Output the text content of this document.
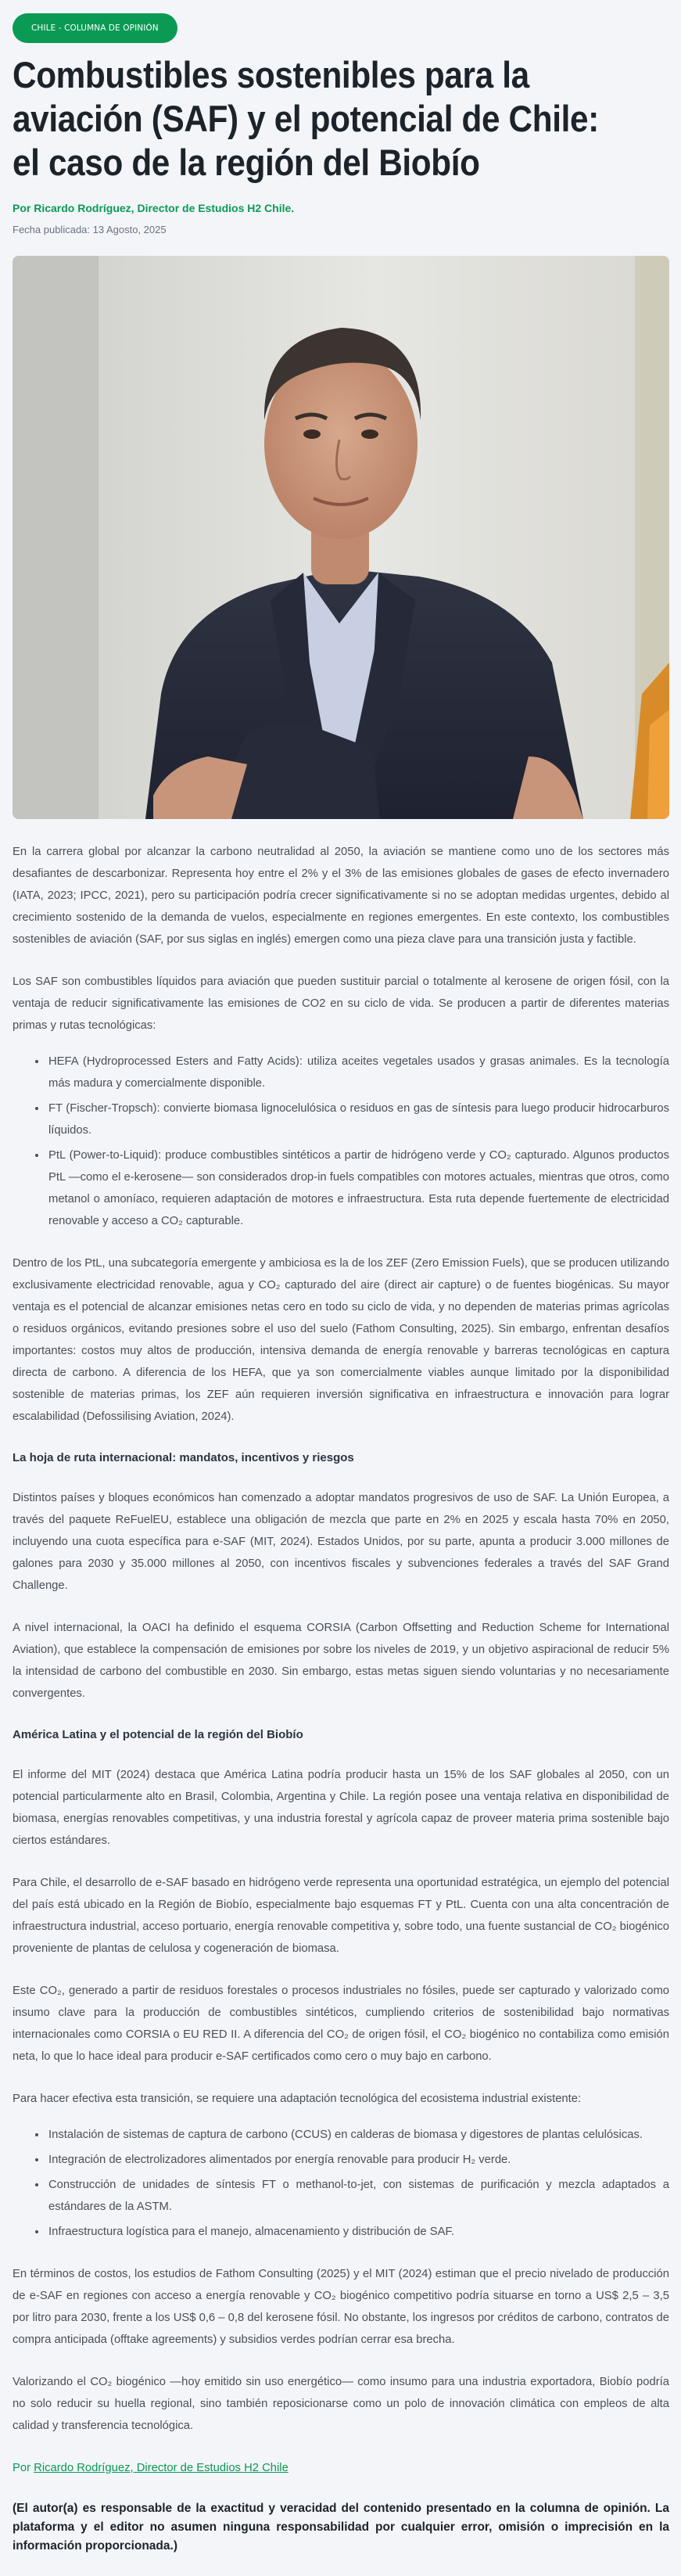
CHILE - COLUMNA DE OPINIÓN
Combustibles sostenibles para la aviación (SAF) y el potencial de Chile: el caso de la región del Biobío
Por Ricardo Rodríguez, Director de Estudios H2 Chile.
Fecha publicada: 13 Agosto, 2025

En la carrera global por alcanzar la carbono neutralidad al 2050, la aviación se mantiene como uno de los sectores más desafiantes de descarbonizar. Representa hoy entre el 2% y el 3% de las emisiones globales de gases de efecto invernadero (IATA, 2023; IPCC, 2021), pero su participación podría crecer significativamente si no se adoptan medidas urgentes, debido al crecimiento sostenido de la demanda de vuelos, especialmente en regiones emergentes. En este contexto, los combustibles sostenibles de aviación (SAF, por sus siglas en inglés) emergen como una pieza clave para una transición justa y factible.

Los SAF son combustibles líquidos para aviación que pueden sustituir parcial o totalmente al kerosene de origen fósil, con la ventaja de reducir significativamente las emisiones de CO2 en su ciclo de vida. Se producen a partir de diferentes materias primas y rutas tecnológicas:

• HEFA (Hydroprocessed Esters and Fatty Acids): utiliza aceites vegetales usados y grasas animales. Es la tecnología más madura y comercialmente disponible.
• FT (Fischer-Tropsch): convierte biomasa lignocelulósica o residuos en gas de síntesis para luego producir hidrocarburos líquidos.
• PtL (Power-to-Liquid): produce combustibles sintéticos a partir de hidrógeno verde y CO₂ capturado. Algunos productos PtL —como el e-kerosene— son considerados drop-in fuels compatibles con motores actuales, mientras que otros, como metanol o amoníaco, requieren adaptación de motores e infraestructura. Esta ruta depende fuertemente de electricidad renovable y acceso a CO₂ capturable.

Dentro de los PtL, una subcategoría emergente y ambiciosa es la de los ZEF (Zero Emission Fuels), que se producen utilizando exclusivamente electricidad renovable, agua y CO₂ capturado del aire (direct air capture) o de fuentes biogénicas. Su mayor ventaja es el potencial de alcanzar emisiones netas cero en todo su ciclo de vida, y no dependen de materias primas agrícolas o residuos orgánicos, evitando presiones sobre el uso del suelo (Fathom Consulting, 2025). Sin embargo, enfrentan desafíos importantes: costos muy altos de producción, intensiva demanda de energía renovable y barreras tecnológicas en captura directa de carbono. A diferencia de los HEFA, que ya son comercialmente viables aunque limitado por la disponibilidad sostenible de materias primas, los ZEF aún requieren inversión significativa en infraestructura e innovación para lograr escalabilidad (Defossilising Aviation, 2024).

La hoja de ruta internacional: mandatos, incentivos y riesgos

Distintos países y bloques económicos han comenzado a adoptar mandatos progresivos de uso de SAF. La Unión Europea, a través del paquete ReFuelEU, establece una obligación de mezcla que parte en 2% en 2025 y escala hasta 70% en 2050, incluyendo una cuota específica para e-SAF (MIT, 2024). Estados Unidos, por su parte, apunta a producir 3.000 millones de galones para 2030 y 35.000 millones al 2050, con incentivos fiscales y subvenciones federales a través del SAF Grand Challenge.

A nivel internacional, la OACI ha definido el esquema CORSIA (Carbon Offsetting and Reduction Scheme for International Aviation), que establece la compensación de emisiones por sobre los niveles de 2019, y un objetivo aspiracional de reducir 5% la intensidad de carbono del combustible en 2030. Sin embargo, estas metas siguen siendo voluntarias y no necesariamente convergentes.

América Latina y el potencial de la región del Biobío

El informe del MIT (2024) destaca que América Latina podría producir hasta un 15% de los SAF globales al 2050, con un potencial particularmente alto en Brasil, Colombia, Argentina y Chile. La región posee una ventaja relativa en disponibilidad de biomasa, energías renovables competitivas, y una industria forestal y agrícola capaz de proveer materia prima sostenible bajo ciertos estándares.

Para Chile, el desarrollo de e-SAF basado en hidrógeno verde representa una oportunidad estratégica, un ejemplo del potencial del país está ubicado en la Región de Biobío, especialmente bajo esquemas FT y PtL. Cuenta con una alta concentración de infraestructura industrial, acceso portuario, energía renovable competitiva y, sobre todo, una fuente sustancial de CO₂ biogénico proveniente de plantas de celulosa y cogeneración de biomasa.

Este CO₂, generado a partir de residuos forestales o procesos industriales no fósiles, puede ser capturado y valorizado como insumo clave para la producción de combustibles sintéticos, cumpliendo criterios de sostenibilidad bajo normativas internacionales como CORSIA o EU RED II. A diferencia del CO₂ de origen fósil, el CO₂ biogénico no contabiliza como emisión neta, lo que lo hace ideal para producir e-SAF certificados como cero o muy bajo en carbono.

Para hacer efectiva esta transición, se requiere una adaptación tecnológica del ecosistema industrial existente:

• Instalación de sistemas de captura de carbono (CCUS) en calderas de biomasa y digestores de plantas celulósicas.
• Integración de electrolizadores alimentados por energía renovable para producir H₂ verde.
• Construcción de unidades de síntesis FT o methanol-to-jet, con sistemas de purificación y mezcla adaptados a estándares de la ASTM.
• Infraestructura logística para el manejo, almacenamiento y distribución de SAF.

En términos de costos, los estudios de Fathom Consulting (2025) y el MIT (2024) estiman que el precio nivelado de producción de e-SAF en regiones con acceso a energía renovable y CO₂ biogénico competitivo podría situarse en torno a US$ 2,5 – 3,5 por litro para 2030, frente a los US$ 0,6 – 0,8 del kerosene fósil. No obstante, los ingresos por créditos de carbono, contratos de compra anticipada (offtake agreements) y subsidios verdes podrían cerrar esa brecha.

Valorizando el CO₂ biogénico —hoy emitido sin uso energético— como insumo para una industria exportadora, Biobío podría no solo reducir su huella regional, sino también reposicionarse como un polo de innovación climática con empleos de alta calidad y transferencia tecnológica.

Por Ricardo Rodríguez, Director de Estudios H2 Chile

(El autor(a) es responsable de la exactitud y veracidad del contenido presentado en la columna de opinión. La plataforma y el editor no asumen ninguna responsabilidad por cualquier error, omisión o imprecisión en la información proporcionada.)
